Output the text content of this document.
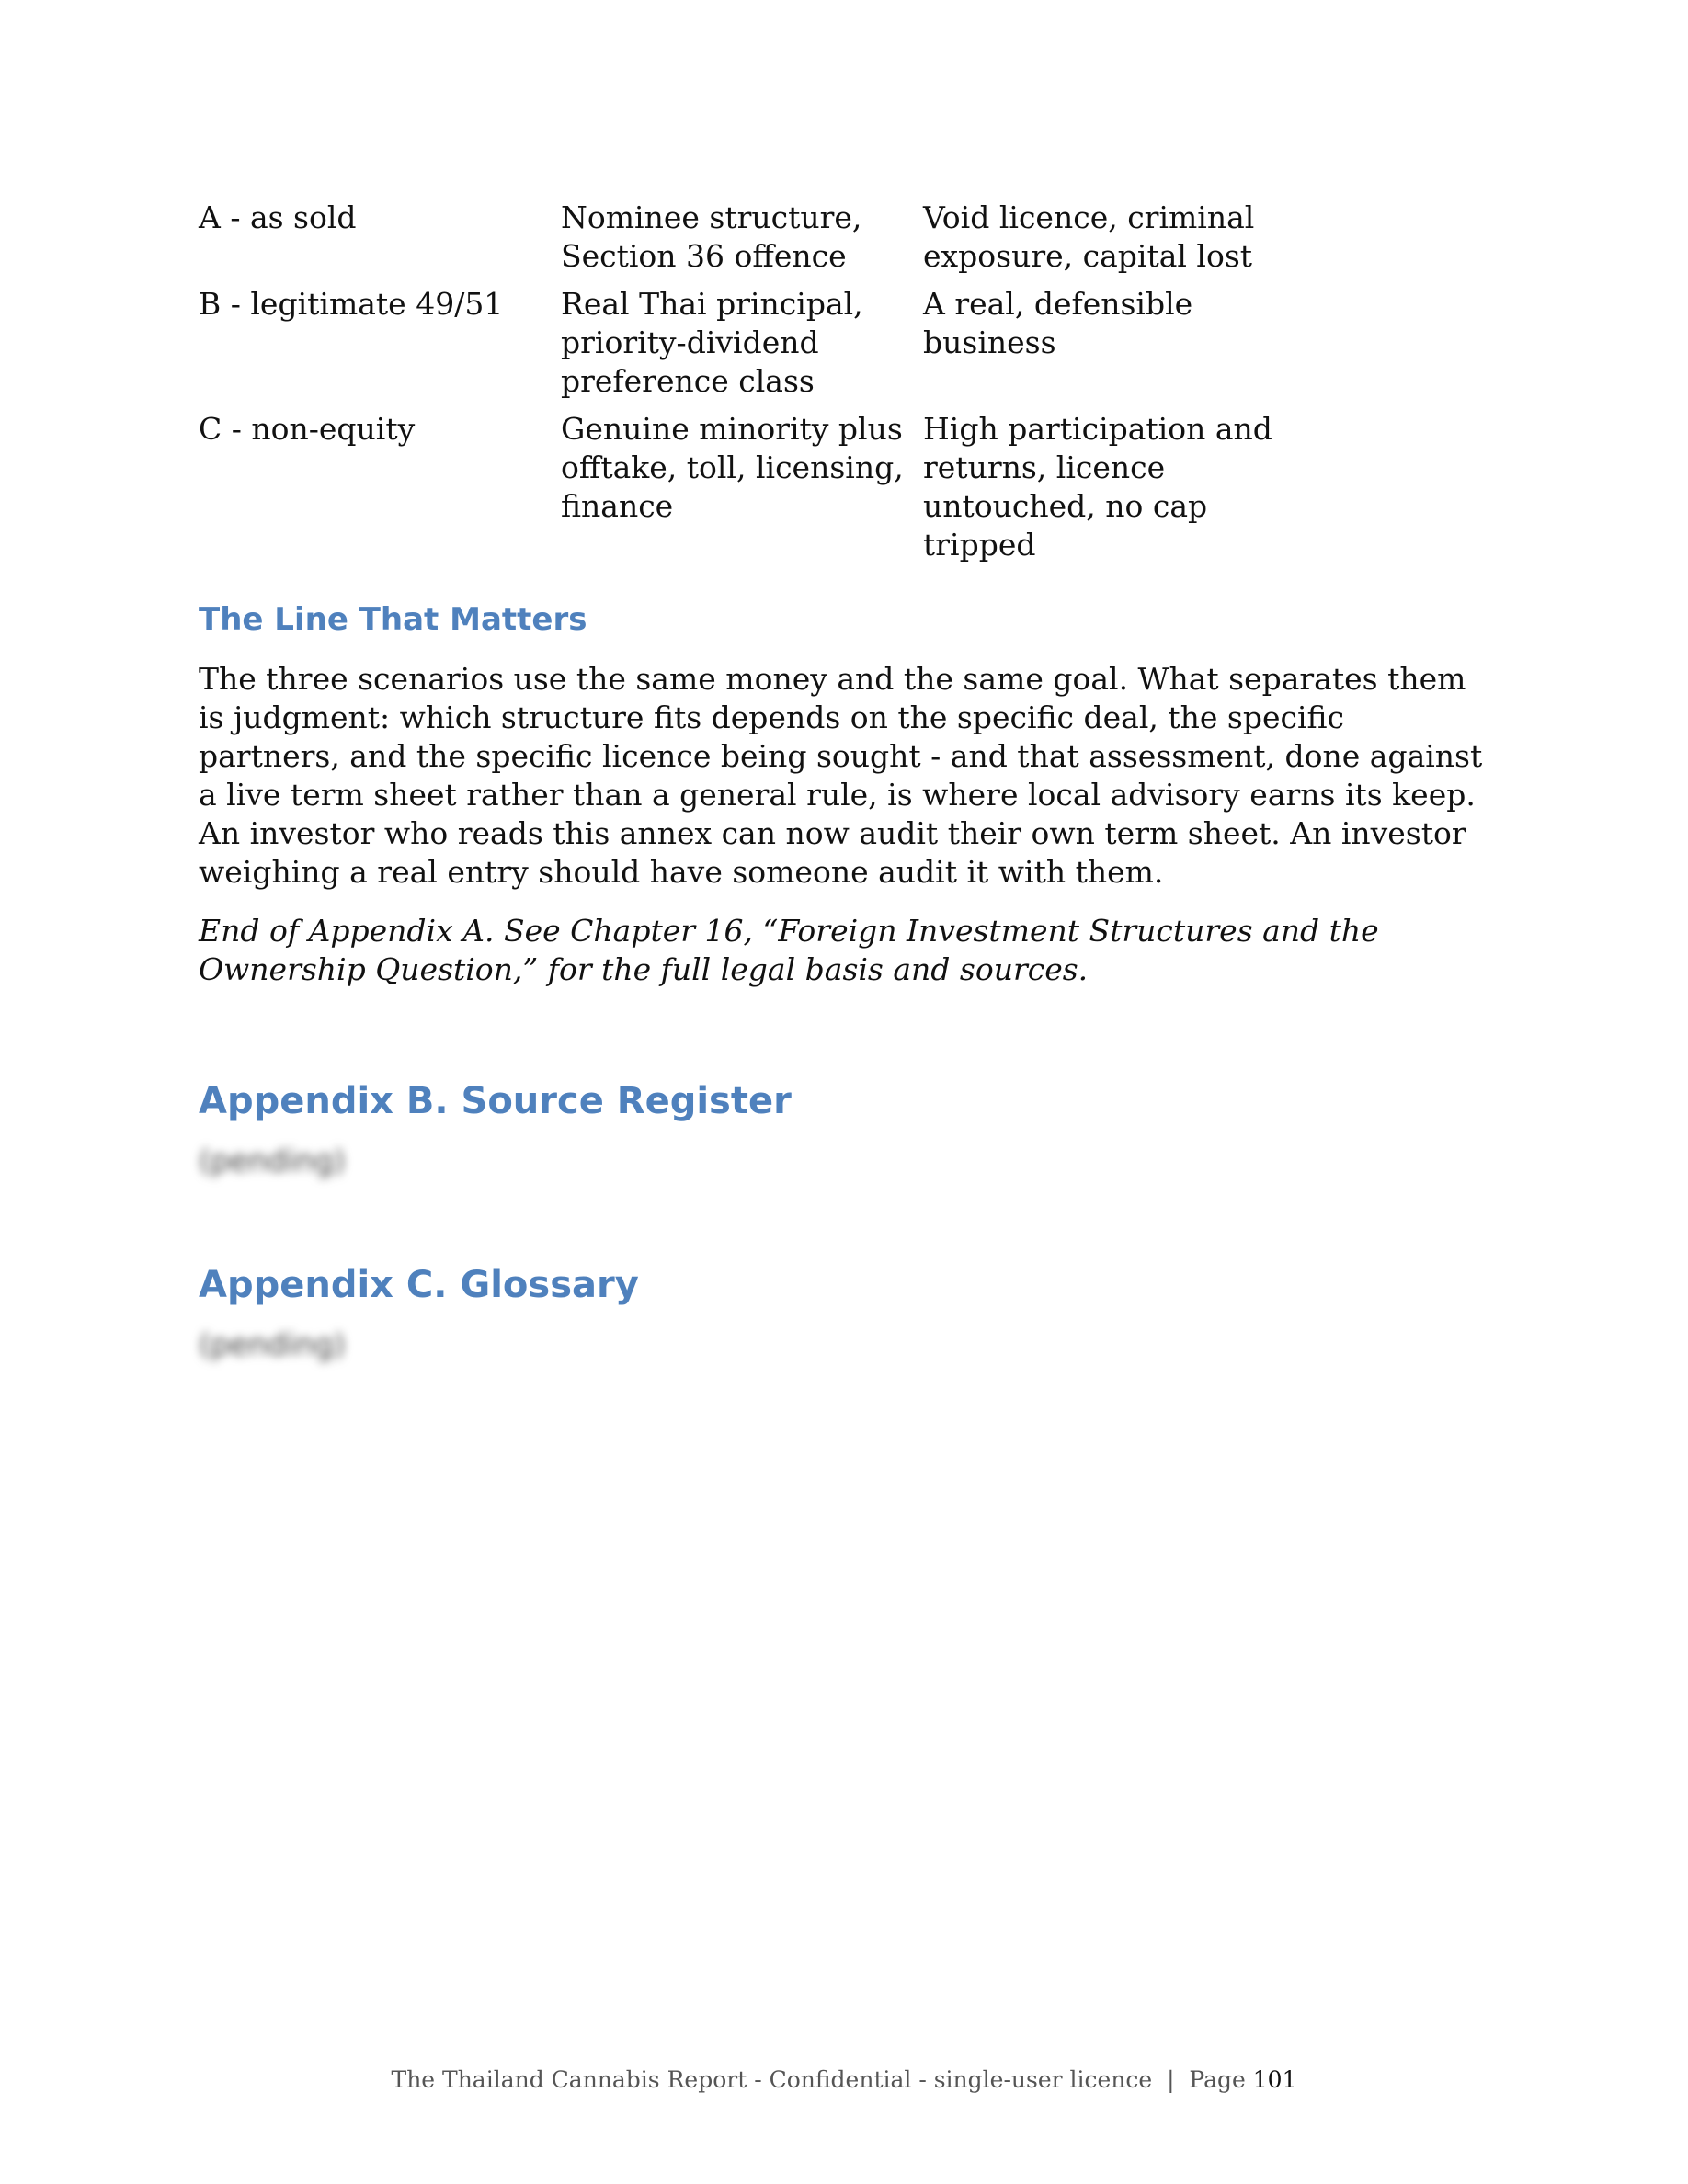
A - as sold	Nominee structure, Section 36 offence	Void licence, criminal exposure, capital lost
B - legitimate 49/51	Real Thai principal, priority-dividend preference class	A real, defensible business
C - non-equity	Genuine minority plus offtake, toll, licensing, finance	High participation and returns, licence untouched, no cap tripped
The Line That Matters

The three scenarios use the same money and the same goal. What separates them is judgment: which structure fits depends on the specific deal, the specific partners, and the specific licence being sought - and that assessment, done against a live term sheet rather than a general rule, is where local advisory earns its keep. An investor who reads this annex can now audit their own term sheet. An investor weighing a real entry should have someone audit it with them.

End of Appendix A. See Chapter 16, “Foreign Investment Structures and the Ownership Question,” for the full legal basis and sources.

Appendix B. Source Register
(pending)
Appendix C. Glossary
(pending)
The Thailand Cannabis Report - Confidential - single-user licence  |  Page 101
